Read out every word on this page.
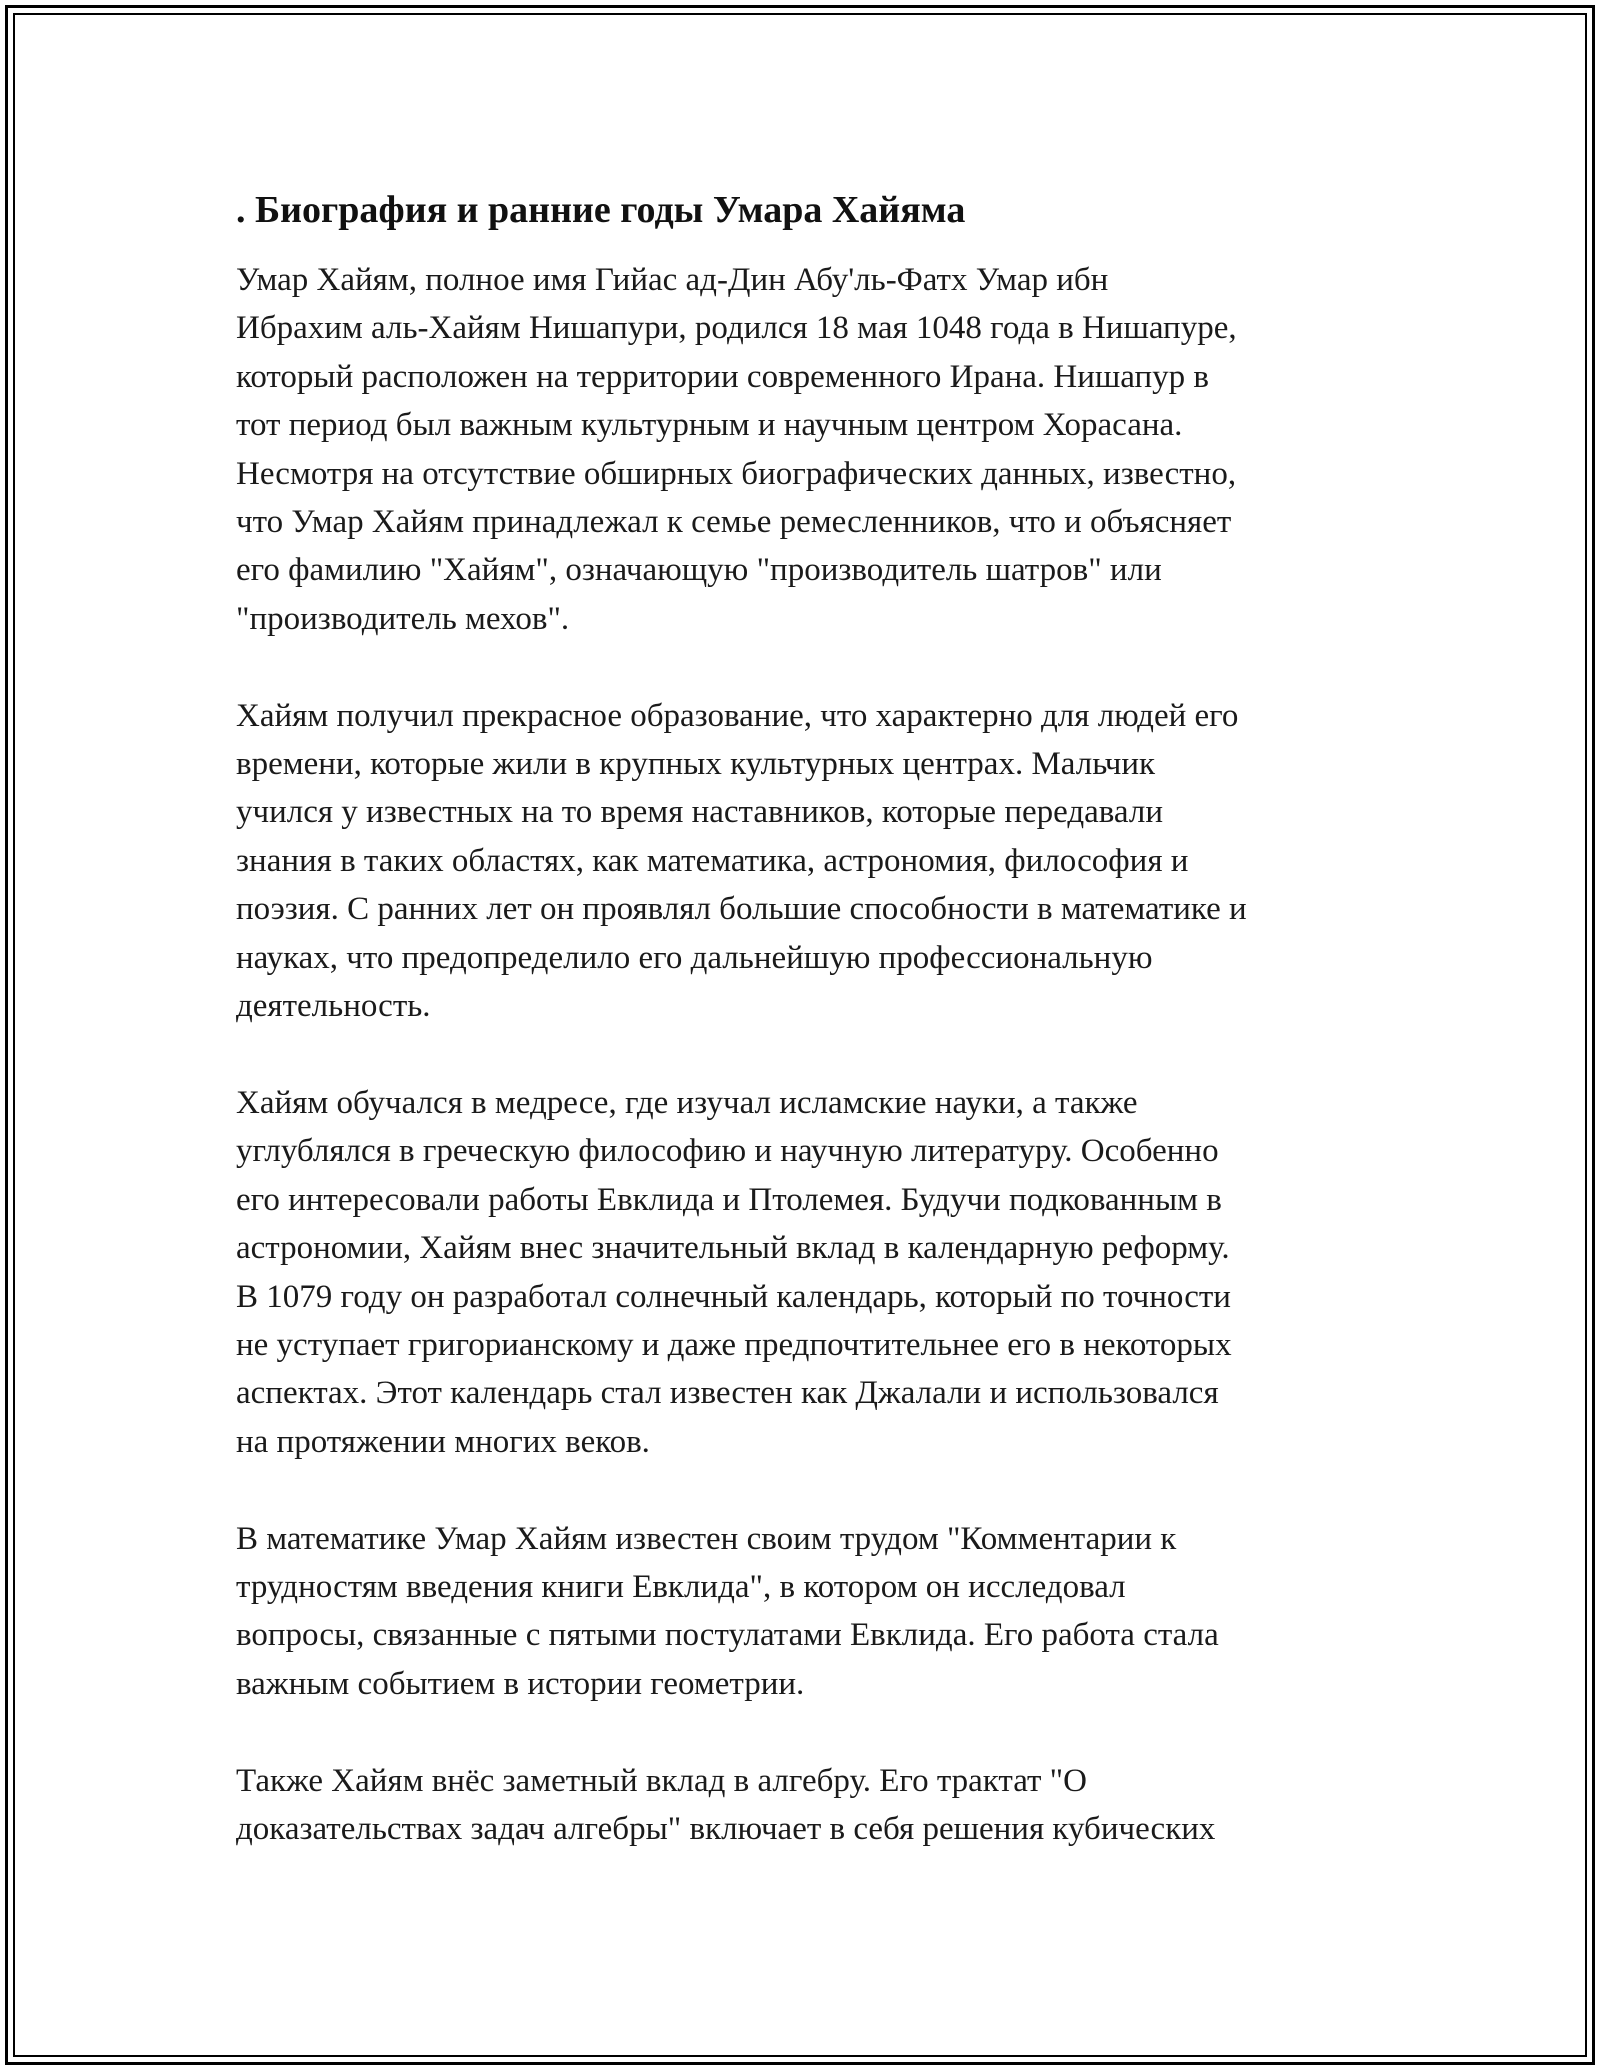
. Биография и ранние годы Умара Хайяма
Умар Хайям, полное имя Гийас ад-Дин Абу'ль-Фатх Умар ибн
Ибрахим аль-Хайям Нишапури, родился 18 мая 1048 года в Нишапуре,
который расположен на территории современного Ирана. Нишапур в
тот период был важным культурным и научным центром Хорасана.
Несмотря на отсутствие обширных биографических данных, известно,
что Умар Хайям принадлежал к семье ремесленников, что и объясняет
его фамилию "Хайям", означающую "производитель шатров" или
"производитель мехов".
Хайям получил прекрасное образование, что характерно для людей его
времени, которые жили в крупных культурных центрах. Мальчик
учился у известных на то время наставников, которые передавали
знания в таких областях, как математика, астрономия, философия и
поэзия. С ранних лет он проявлял большие способности в математике и
науках, что предопределило его дальнейшую профессиональную
деятельность.
Хайям обучался в медресе, где изучал исламские науки, а также
углублялся в греческую философию и научную литературу. Особенно
его интересовали работы Евклида и Птолемея. Будучи подкованным в
астрономии, Хайям внес значительный вклад в календарную реформу.
В 1079 году он разработал солнечный календарь, который по точности
не уступает григорианскому и даже предпочтительнее его в некоторых
аспектах. Этот календарь стал известен как Джалали и использовался
на протяжении многих веков.
В математике Умар Хайям известен своим трудом "Комментарии к
трудностям введения книги Евклида", в котором он исследовал
вопросы, связанные с пятыми постулатами Евклида. Его работа стала
важным событием в истории геометрии.
Также Хайям внёс заметный вклад в алгебру. Его трактат "О
доказательствах задач алгебры" включает в себя решения кубических
